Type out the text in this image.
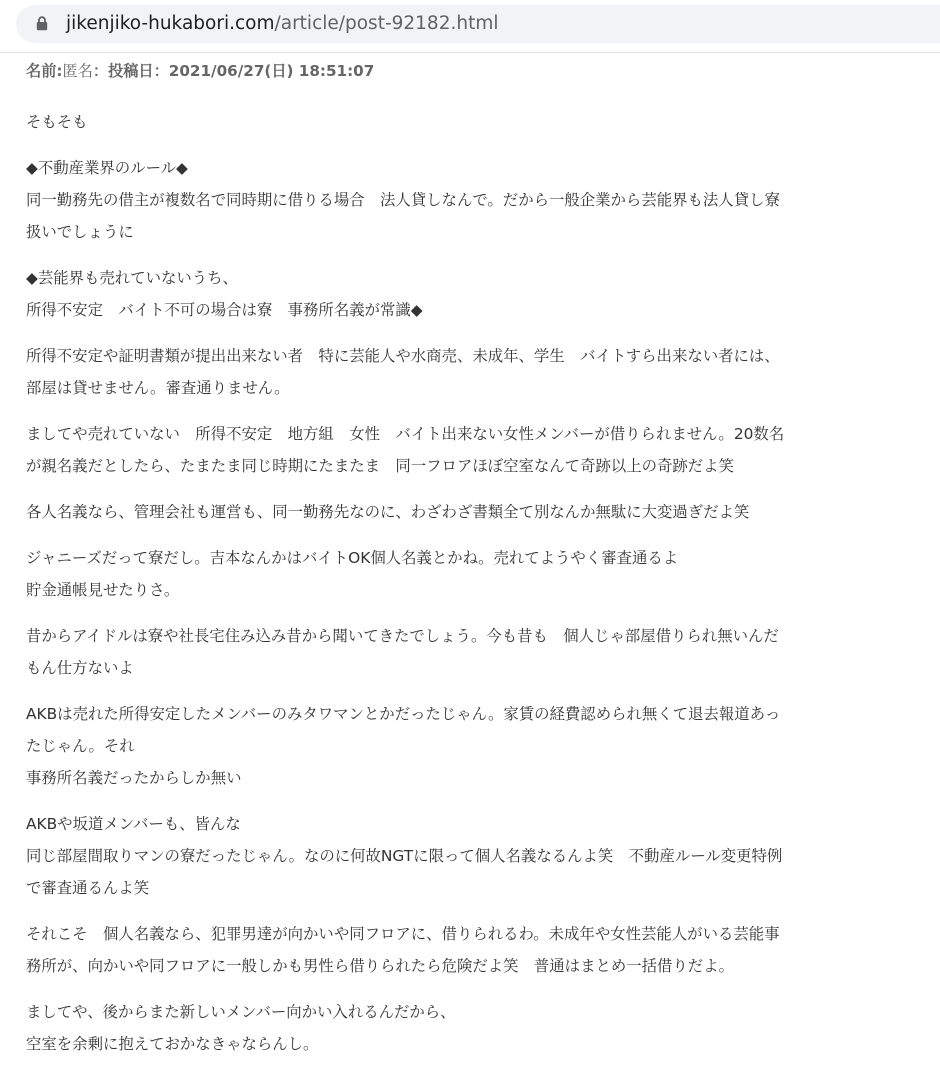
jikenjiko-hukabori.com/article/post-92182.html
名前:匿名：投稿日：2021/06/27(日) 18:51:07
そもそも
◆不動産業界のルール◆
同一勤務先の借主が複数名で同時期に借りる場合　法人貸しなんで。だから一般企業から芸能界も法人貸し寮
扱いでしょうに
◆芸能界も売れていないうち、
所得不安定　バイト不可の場合は寮　事務所名義が常識◆
所得不安定や証明書類が提出出来ない者　特に芸能人や水商売、未成年、学生　バイトすら出来ない者には、
部屋は貸せません。審査通りません。
ましてや売れていない　所得不安定　地方組　女性　バイト出来ない女性メンバーが借りられません。20数名
が親名義だとしたら、たまたま同じ時期にたまたま　同一フロアほぼ空室なんて奇跡以上の奇跡だよ笑
各人名義なら、管理会社も運営も、同一勤務先なのに、わざわざ書類全て別なんか無駄に大変過ぎだよ笑
ジャニーズだって寮だし。吉本なんかはバイトOK個人名義とかね。売れてようやく審査通るよ
貯金通帳見せたりさ。
昔からアイドルは寮や社長宅住み込み昔から聞いてきたでしょう。今も昔も　個人じゃ部屋借りられ無いんだ
もん仕方ないよ
AKBは売れた所得安定したメンバーのみタワマンとかだったじゃん。家賃の経費認められ無くて退去報道あっ
たじゃん。それ
事務所名義だったからしか無い
AKBや坂道メンバーも、皆んな
同じ部屋間取りマンの寮だったじゃん。なのに何故NGTに限って個人名義なるんよ笑　不動産ルール変更特例
で審査通るんよ笑
それこそ　個人名義なら、犯罪男達が向かいや同フロアに、借りられるわ。未成年や女性芸能人がいる芸能事
務所が、向かいや同フロアに一般しかも男性ら借りられたら危険だよ笑　普通はまとめ一括借りだよ。
ましてや、後からまた新しいメンバー向かい入れるんだから、
空室を余剰に抱えておかなきゃならんし。
